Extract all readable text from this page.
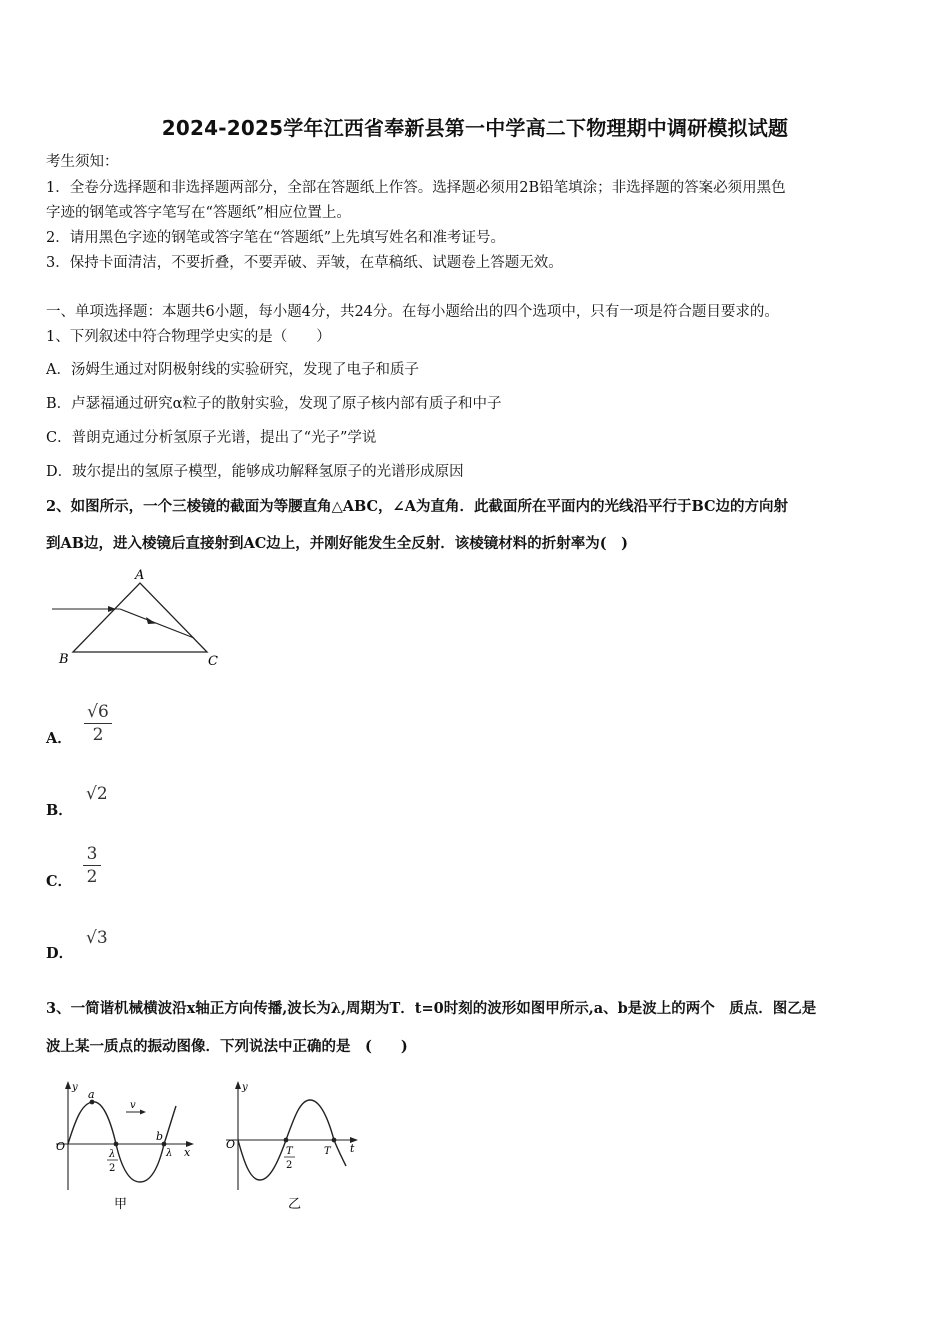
2024-2025学年江西省奉新县第一中学高二下物理期中调研模拟试题
考生须知：
1．全卷分选择题和非选择题两部分，全部在答题纸上作答。选择题必须用2B铅笔填涂；非选择题的答案必须用黑色
字迹的钢笔或答字笔写在“答题纸”相应位置上。
2．请用黑色字迹的钢笔或答字笔在“答题纸”上先填写姓名和准考证号。
3．保持卡面清洁，不要折叠，不要弄破、弄皱，在草稿纸、试题卷上答题无效。
一、单项选择题：本题共6小题，每小题4分，共24分。在每小题给出的四个选项中，只有一项是符合题目要求的。
1、下列叙述中符合物理学史实的是（　　）
A．汤姆生通过对阴极射线的实验研究，发现了电子和质子
B．卢瑟福通过研究α粒子的散射实验，发现了原子核内部有质子和中子
C．普朗克通过分析氢原子光谱，提出了“光子”学说
D．玻尔提出的氢原子模型，能够成功解释氢原子的光谱形成原因
2、如图所示，一个三棱镜的截面为等腰直角△ABC，∠A为直角．此截面所在平面内的光线沿平行于BC边的方向射
到AB边，进入棱镜后直接射到AC边上，并刚好能发生全反射．该棱镜材料的折射率为(　)
A
B	C
A．
√6
2
B．
√2
C．
3
2
D．
√3
3、一简谐机械横波沿x轴正方向传播,波长为λ,周期为T．t=0时刻的波形如图甲所示,a、b是波上的两个　质点．图乙是
波上某一质点的振动图像．下列说法中正确的是　(　　)
y
x
O
a
b
v
λ
2
λ
甲
y
t
O
T
2
T
乙
